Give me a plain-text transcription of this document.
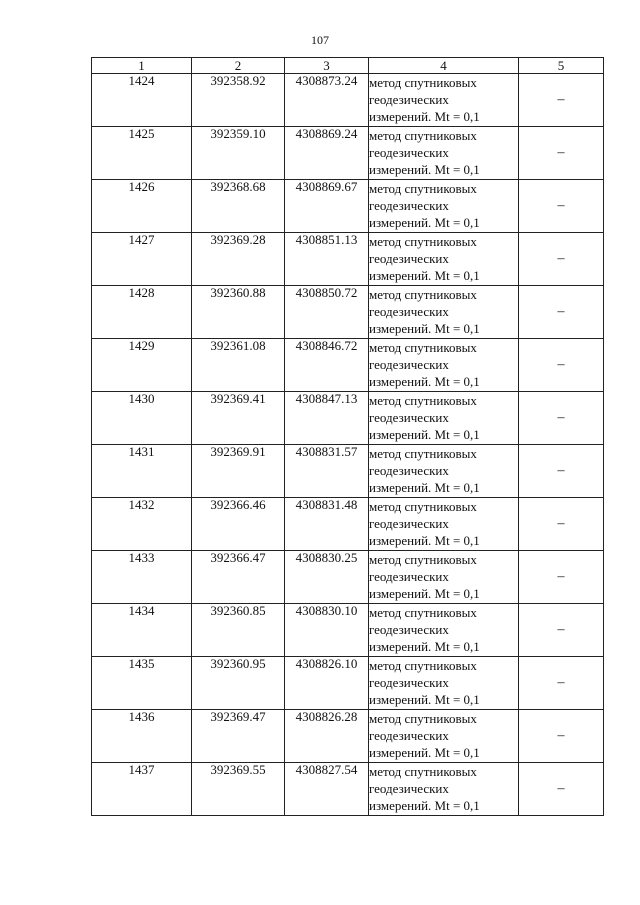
107
1	2	3	4	5
1424	392358.92	4308873.24	метод спутниковых
геодезических
измерений. Mt = 0,1	–
1425	392359.10	4308869.24	метод спутниковых
геодезических
измерений. Mt = 0,1	–
1426	392368.68	4308869.67	метод спутниковых
геодезических
измерений. Mt = 0,1	–
1427	392369.28	4308851.13	метод спутниковых
геодезических
измерений. Mt = 0,1	–
1428	392360.88	4308850.72	метод спутниковых
геодезических
измерений. Mt = 0,1	–
1429	392361.08	4308846.72	метод спутниковых
геодезических
измерений. Mt = 0,1	–
1430	392369.41	4308847.13	метод спутниковых
геодезических
измерений. Mt = 0,1	–
1431	392369.91	4308831.57	метод спутниковых
геодезических
измерений. Mt = 0,1	–
1432	392366.46	4308831.48	метод спутниковых
геодезических
измерений. Mt = 0,1	–
1433	392366.47	4308830.25	метод спутниковых
геодезических
измерений. Mt = 0,1	–
1434	392360.85	4308830.10	метод спутниковых
геодезических
измерений. Mt = 0,1	–
1435	392360.95	4308826.10	метод спутниковых
геодезических
измерений. Mt = 0,1	–
1436	392369.47	4308826.28	метод спутниковых
геодезических
измерений. Mt = 0,1	–
1437	392369.55	4308827.54	метод спутниковых
геодезических
измерений. Mt = 0,1	–
